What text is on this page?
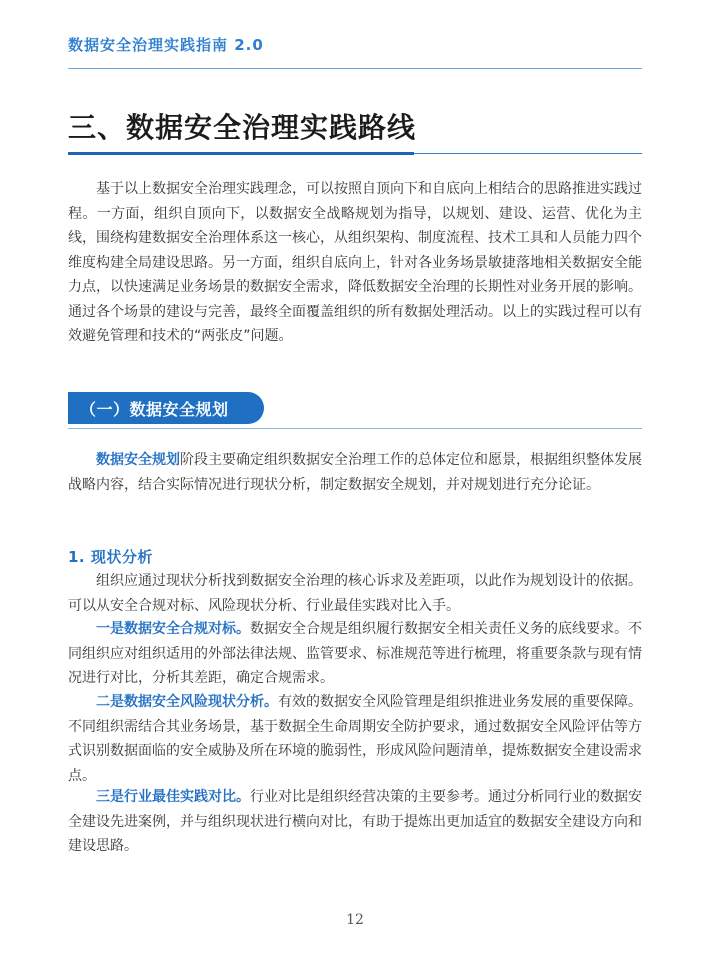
数据安全治理实践指南 2.0
三、数据安全治理实践路线

基于以上数据安全治理实践理念，可以按照自顶向下和自底向上相结合的思路推进实践过程。一方面，组织自顶向下，以数据安全战略规划为指导，以规划、建设、运营、优化为主线，围绕构建数据安全治理体系这一核心，从组织架构、制度流程、技术工具和人员能力四个维度构建全局建设思路。另一方面，组织自底向上，针对各业务场景敏捷落地相关数据安全能力点，以快速满足业务场景的数据安全需求，降低数据安全治理的长期性对业务开展的影响。通过各个场景的建设与完善，最终全面覆盖组织的所有数据处理活动。以上的实践过程可以有效避免管理和技术的“两张皮”问题。

（一）数据安全规划

数据安全规划阶段主要确定组织数据安全治理工作的总体定位和愿景，根据组织整体发展战略内容，结合实际情况进行现状分析，制定数据安全规划，并对规划进行充分论证。

1. 现状分析

组织应通过现状分析找到数据安全治理的核心诉求及差距项，以此作为规划设计的依据。可以从安全合规对标、风险现状分析、行业最佳实践对比入手。

一是数据安全合规对标。数据安全合规是组织履行数据安全相关责任义务的底线要求。不同组织应对组织适用的外部法律法规、监管要求、标准规范等进行梳理，将重要条款与现有情况进行对比，分析其差距，确定合规需求。

二是数据安全风险现状分析。有效的数据安全风险管理是组织推进业务发展的重要保障。不同组织需结合其业务场景，基于数据全生命周期安全防护要求，通过数据安全风险评估等方式识别数据面临的安全威胁及所在环境的脆弱性，形成风险问题清单，提炼数据安全建设需求点。

三是行业最佳实践对比。行业对比是组织经营决策的主要参考。通过分析同行业的数据安全建设先进案例，并与组织现状进行横向对比，有助于提炼出更加适宜的数据安全建设方向和建设思路。

12
